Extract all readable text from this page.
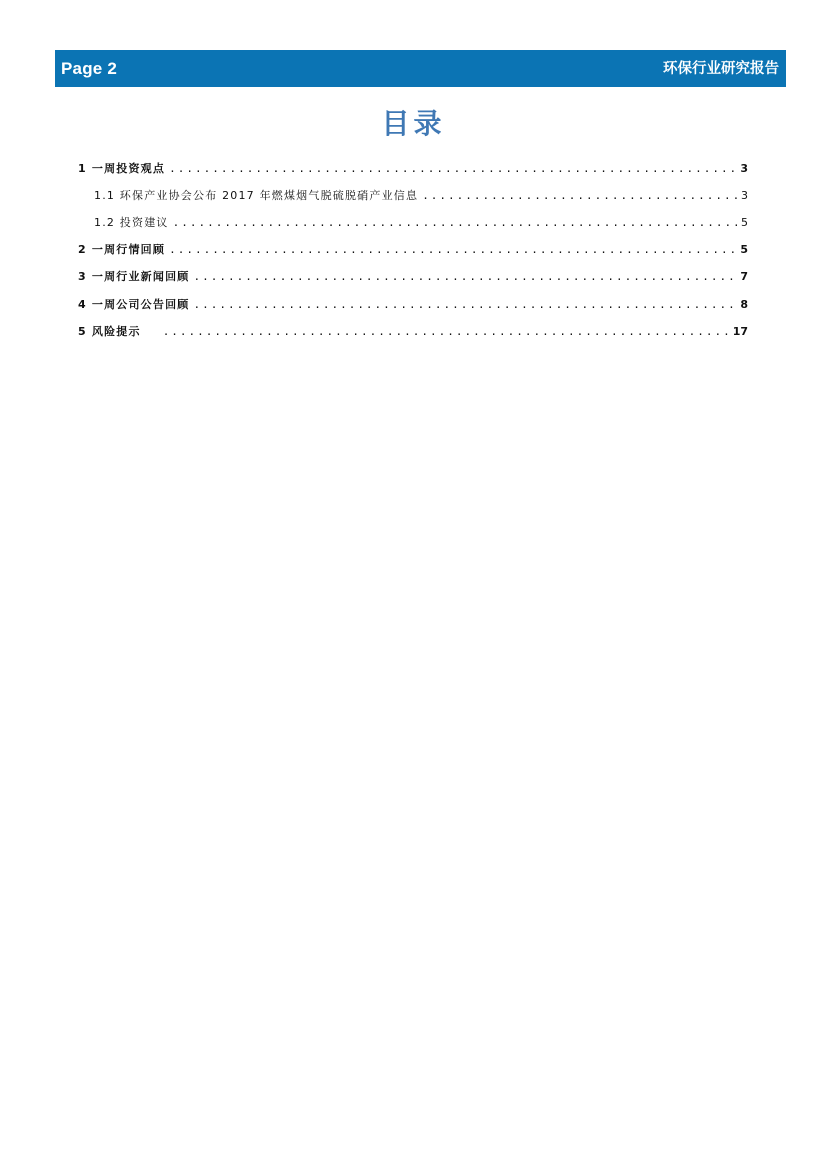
Page 2	环保行业研究报告
目录
1 一周投资观点 .....	3
1.1 环保产业协会公布 2017 年燃煤烟气脱硫脱硝产业信息 .....	3
1.2 投资建议 .....	5
2 一周行情回顾 .....	5
3 一周行业新闻回顾 .....	7
4 一周公司公告回顾 .....	8
5 风险提示 .....	17
